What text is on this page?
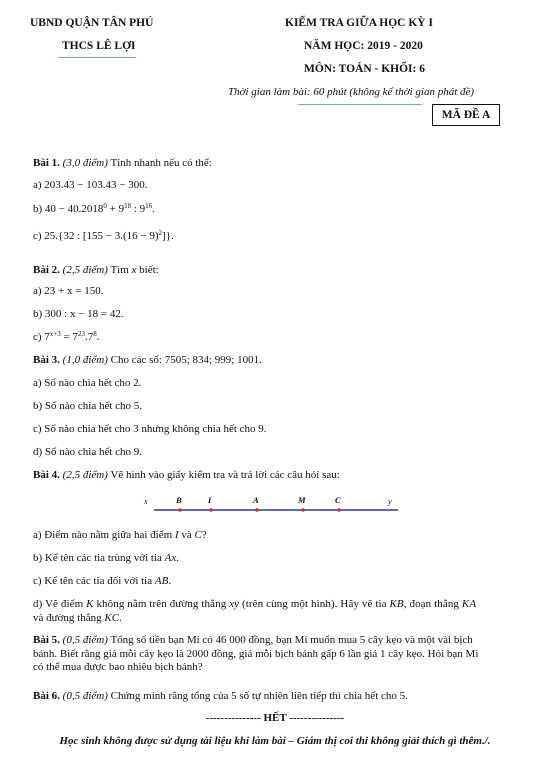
UBND QUẬN TÂN PHÚ
THCS LÊ LỢI
KIỂM TRA GIỮA HỌC KỲ I
NĂM HỌC: 2019 - 2020
MÔN: TOÁN - KHỐI: 6
Thời gian làm bài: 60 phút (không kể thời gian phát đề)
MÃ ĐỀ A
Bài 1. (3,0 điểm) Tính nhanh nếu có thể:
a) 203.43 − 103.43 − 300.
b) $40 - 40.2018^0 + 9^{18}$ : $9^{16}$.
c) 25.{32 : $[155 - 3.(16 - 9)^2]$}.
Bài 2. (2,5 điểm) Tìm x biết:
a) 23 + x = 150.
b) 300 : x − 18 = 42.
c) $7^{x+3} = 7^{23}.7^8$.
Bài 3. (1,0 điểm) Cho các số: 7505; 834; 999; 1001.
a) Số nào chia hết cho 2.
b) Số nào chia hết cho 5.
c) Số nào chia hết cho 3 nhưng không chia hết cho 9.
d) Số nào chia hết cho 9.
Bài 4. (2,5 điểm) Vẽ hình vào giấy kiểm tra và trả lời các câu hỏi sau:
x	B	I	A	M	C	y
a) Điểm nào nằm giữa hai điểm I và C?
b) Kể tên các tia trùng với tia Ax.
c) Kể tên các tia đối với tia AB.
d) Vẽ điểm K không nằm trên đường thẳng xy (trên cùng một hình). Hãy vẽ tia KB, đoạn thẳng KA
và đường thẳng KC.
Bài 5. (0,5 điểm) Tổng số tiền bạn Mi có 46 000 đồng, bạn Mi muốn mua 5 cây kẹo và một vài bịch
bánh. Biết rằng giá mỗi cây kẹo là 2000 đồng, giá mỗi bịch bánh gấp 6 lần giá 1 cây kẹo. Hỏi bạn Mi
có thể mua được bao nhiêu bịch bánh?
Bài 6. (0,5 điểm) Chứng minh rằng tổng của 5 số tự nhiên liên tiếp thì chia hết cho 5.
--------------- HẾT ---------------
Học sinh không được sử dụng tài liệu khi làm bài – Giám thị coi thi không giải thích gì thêm./.
